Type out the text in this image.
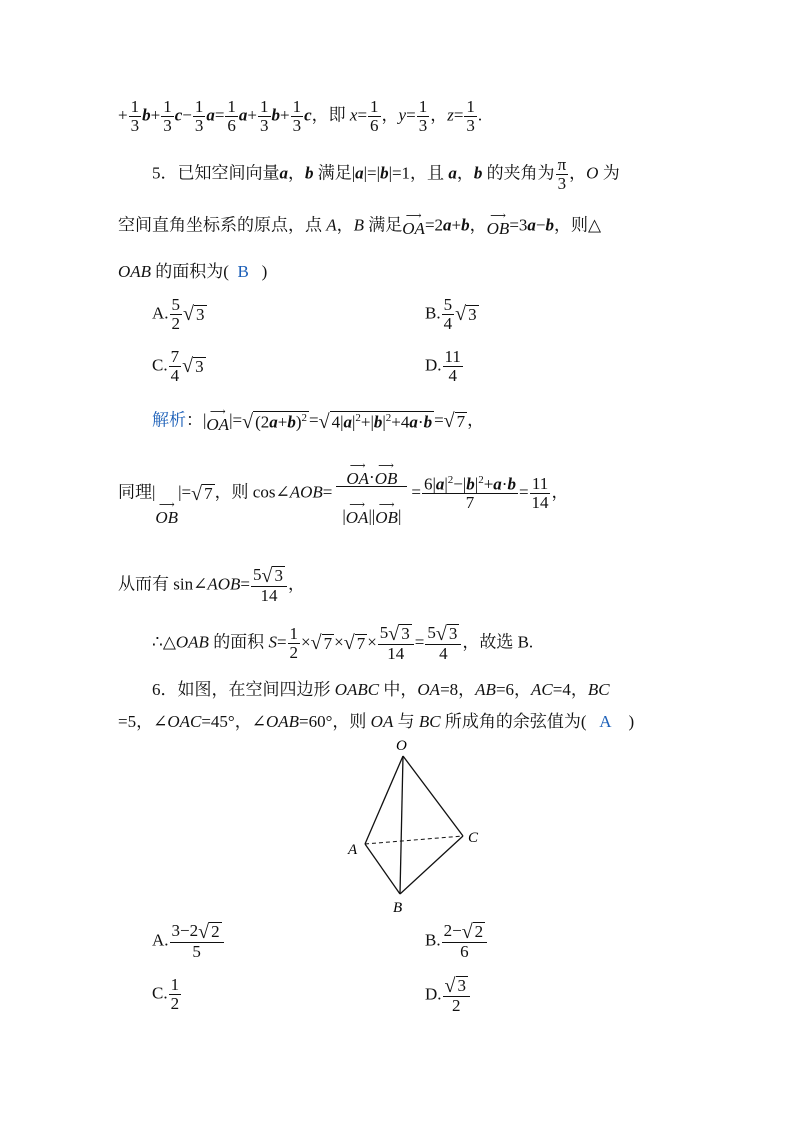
+ $\frac{1}{3} b+ \frac{1}{3} c- \frac{1}{3} a= \frac{1}{6} a+ \frac{1}{3} b+ \frac{1}{3}$ c，即 $x= \frac{1}{6}$ ，$y= \frac{1}{3}$ ，$z= \frac{1}{3}$ .
5．已知空间向量a，b 满足|a|=|b|=1，且 a，b 的夹角为 $\frac{\pi}{3}$ ，O 为
空间直角坐标系的原点，点 A，B 满足 ⟶
OA =2a+b， ⟶
OB =3a−b，则△
OAB 的面积为( B )
A. $\frac{5}{2}$ √ 3	B. $\frac{5}{4}$ √ 3
C. $\frac{7}{4}$ √ 3	D. $\frac{11}{4}$
解析：| ⟶
OA |= √ $(2a+b)^2$ = √ $4|a|^2+|b|^2+4a\cdot b$ = √ 7 ，
同理|
⟶
OB
|= √ 7 ，则 cos∠AOB= ⟶
OA ·
⟶
OB
|
⟶
OA ||
⟶
OB | = $\frac{6|a|^2-|b|^2+a\cdot b}{7} = \frac{11}{14}$ ，
从而有 sin∠AOB= $\frac{5 √ 3}{14}$ ，
∴△OAB 的面积 $S= \frac{1}{2}$ × √ 7 × √ $7 \times \frac{5 √ 3}{14} = \frac{5 √ 3}{4}$ ，故选 B.
6．如图，在空间四边形 OABC 中，OA=8，AB=6，AC=4，BC
=5，∠OAC=45°，∠OAB=60°，则 OA 与 BC 所成角的余弦值为(   A )
O
A
B
C
A. $\frac{3-2 √ 2}{5}$	B. $\frac{2- √ 2}{6}$
C. $\frac{1}{2}$	D. $\frac{√ 3}{2}$
